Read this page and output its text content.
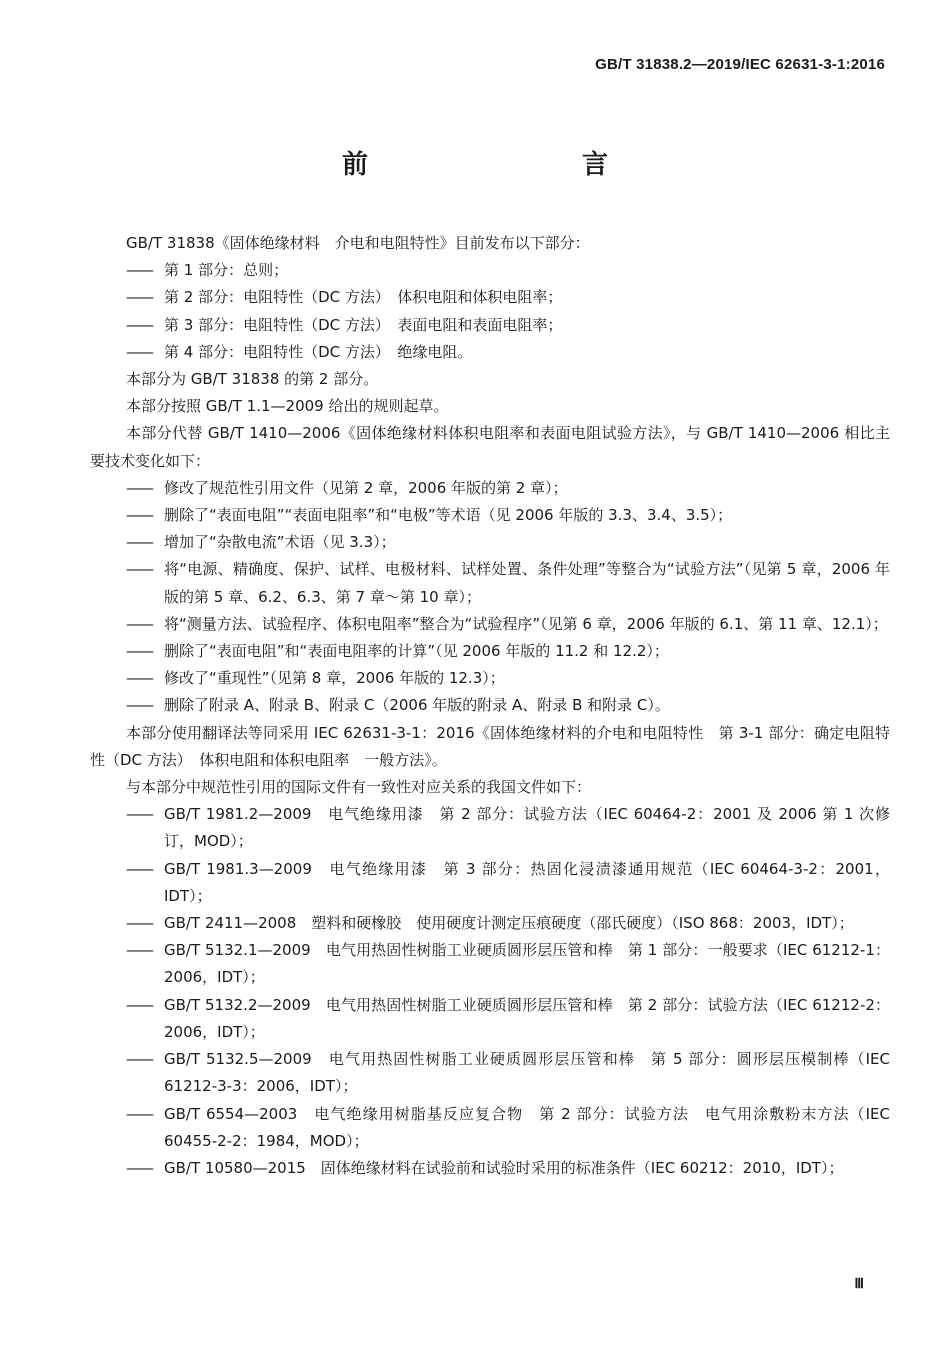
GB/T 31838.2—2019/IEC 62631-3-1:2016
前　　言
GB/T 31838《固体绝缘材料　介电和电阻特性》目前发布以下部分：
—— 第 1 部分：总则；
—— 第 2 部分：电阻特性（DC 方法）　体积电阻和体积电阻率；
—— 第 3 部分：电阻特性（DC 方法）　表面电阻和表面电阻率；
—— 第 4 部分：电阻特性（DC 方法）　绝缘电阻。
本部分为 GB/T 31838 的第 2 部分。
本部分按照 GB/T 1.1—2009 给出的规则起草。
本部分代替 GB/T 1410—2006《固体绝缘材料体积电阻率和表面电阻试验方法》，与 GB/T 1410—2006 相比主要技术变化如下：
—— 修改了规范性引用文件（见第 2 章，2006 年版的第 2 章）；
—— 删除了“表面电阻”“表面电阻率”和“电极”等术语（见 2006 年版的 3.3、3.4、3.5）；
—— 增加了“杂散电流”术语（见 3.3）；
—— 将“电源、精确度、保护、试样、电极材料、试样处置、条件处理”等整合为“试验方法”（见第 5 章，2006 年版的第 5 章、6.2、6.3、第 7 章～第 10 章）；
—— 将“测量方法、试验程序、体积电阻率”整合为“试验程序”（见第 6 章，2006 年版的 6.1、第 11 章、12.1）；
—— 删除了“表面电阻”和“表面电阻率的计算”（见 2006 年版的 11.2 和 12.2）；
—— 修改了“重现性”（见第 8 章，2006 年版的 12.3）；
—— 删除了附录 A、附录 B、附录 C（2006 年版的附录 A、附录 B 和附录 C）。
本部分使用翻译法等同采用 IEC 62631-3-1：2016《固体绝缘材料的介电和电阻特性　第 3-1 部分：确定电阻特性（DC 方法）　体积电阻和体积电阻率　一般方法》。
与本部分中规范性引用的国际文件有一致性对应关系的我国文件如下：
—— GB/T 1981.2—2009　电气绝缘用漆　第 2 部分：试验方法（IEC 60464-2：2001 及 2006 第 1 次修订，MOD）；
—— GB/T 1981.3—2009　电气绝缘用漆　第 3 部分：热固化浸渍漆通用规范（IEC 60464-3-2：2001，IDT）；
—— GB/T 2411—2008　塑料和硬橡胶　使用硬度计测定压痕硬度（邵氏硬度）（ISO 868：2003，IDT）；
—— GB/T 5132.1—2009　电气用热固性树脂工业硬质圆形层压管和棒　第 1 部分：一般要求（IEC 61212-1：2006，IDT）；
—— GB/T 5132.2—2009　电气用热固性树脂工业硬质圆形层压管和棒　第 2 部分：试验方法（IEC 61212-2：2006，IDT）；
—— GB/T 5132.5—2009　电气用热固性树脂工业硬质圆形层压管和棒　第 5 部分：圆形层压模制棒（IEC 61212-3-3：2006，IDT）；
—— GB/T 6554—2003　电气绝缘用树脂基反应复合物　第 2 部分：试验方法　电气用涂敷粉末方法（IEC 60455-2-2：1984，MOD）；
—— GB/T 10580—2015　固体绝缘材料在试验前和试验时采用的标准条件（IEC 60212：2010，IDT）；
Ⅲ
